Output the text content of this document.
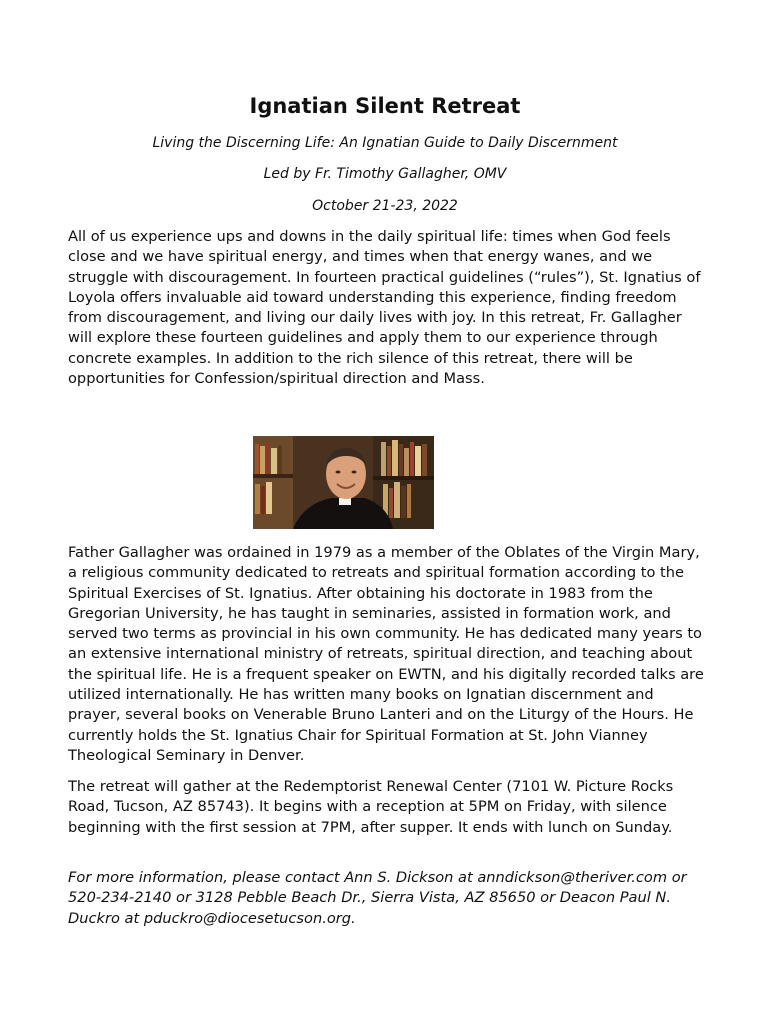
Ignatian Silent Retreat

Living the Discerning Life: An Ignatian Guide to Daily Discernment

Led by Fr. Timothy Gallagher, OMV

October 21-23, 2022

All of us experience ups and downs in the daily spiritual life: times when God feels close and we have spiritual energy, and times when that energy wanes, and we struggle with discouragement. In fourteen practical guidelines (“rules”), St. Ignatius of Loyola offers invaluable aid toward understanding this experience, finding freedom from discouragement, and living our daily lives with joy. In this retreat, Fr. Gallagher will explore these fourteen guidelines and apply them to our experience through concrete examples. In addition to the rich silence of this retreat, there will be opportunities for Confession/spiritual direction and Mass.

Father Gallagher was ordained in 1979 as a member of the Oblates of the Virgin Mary, a religious community dedicated to retreats and spiritual formation according to the Spiritual Exercises of St. Ignatius. After obtaining his doctorate in 1983 from the Gregorian University, he has taught in seminaries, assisted in formation work, and served two terms as provincial in his own community. He has dedicated many years to an extensive international ministry of retreats, spiritual direction, and teaching about the spiritual life. He is a frequent speaker on EWTN, and his digitally recorded talks are utilized internationally. He has written many books on Ignatian discernment and prayer, several books on Venerable Bruno Lanteri and on the Liturgy of the Hours. He currently holds the St. Ignatius Chair for Spiritual Formation at St. John Vianney Theological Seminary in Denver.

The retreat will gather at the Redemptorist Renewal Center (7101 W. Picture Rocks Road, Tucson, AZ 85743). It begins with a reception at 5PM on Friday, with silence beginning with the first session at 7PM, after supper. It ends with lunch on Sunday.

For more information, please contact Ann S. Dickson at anndickson@theriver.com or 520-234-2140 or 3128 Pebble Beach Dr., Sierra Vista, AZ 85650 or Deacon Paul N. Duckro at pduckro@diocesetucson.org.
